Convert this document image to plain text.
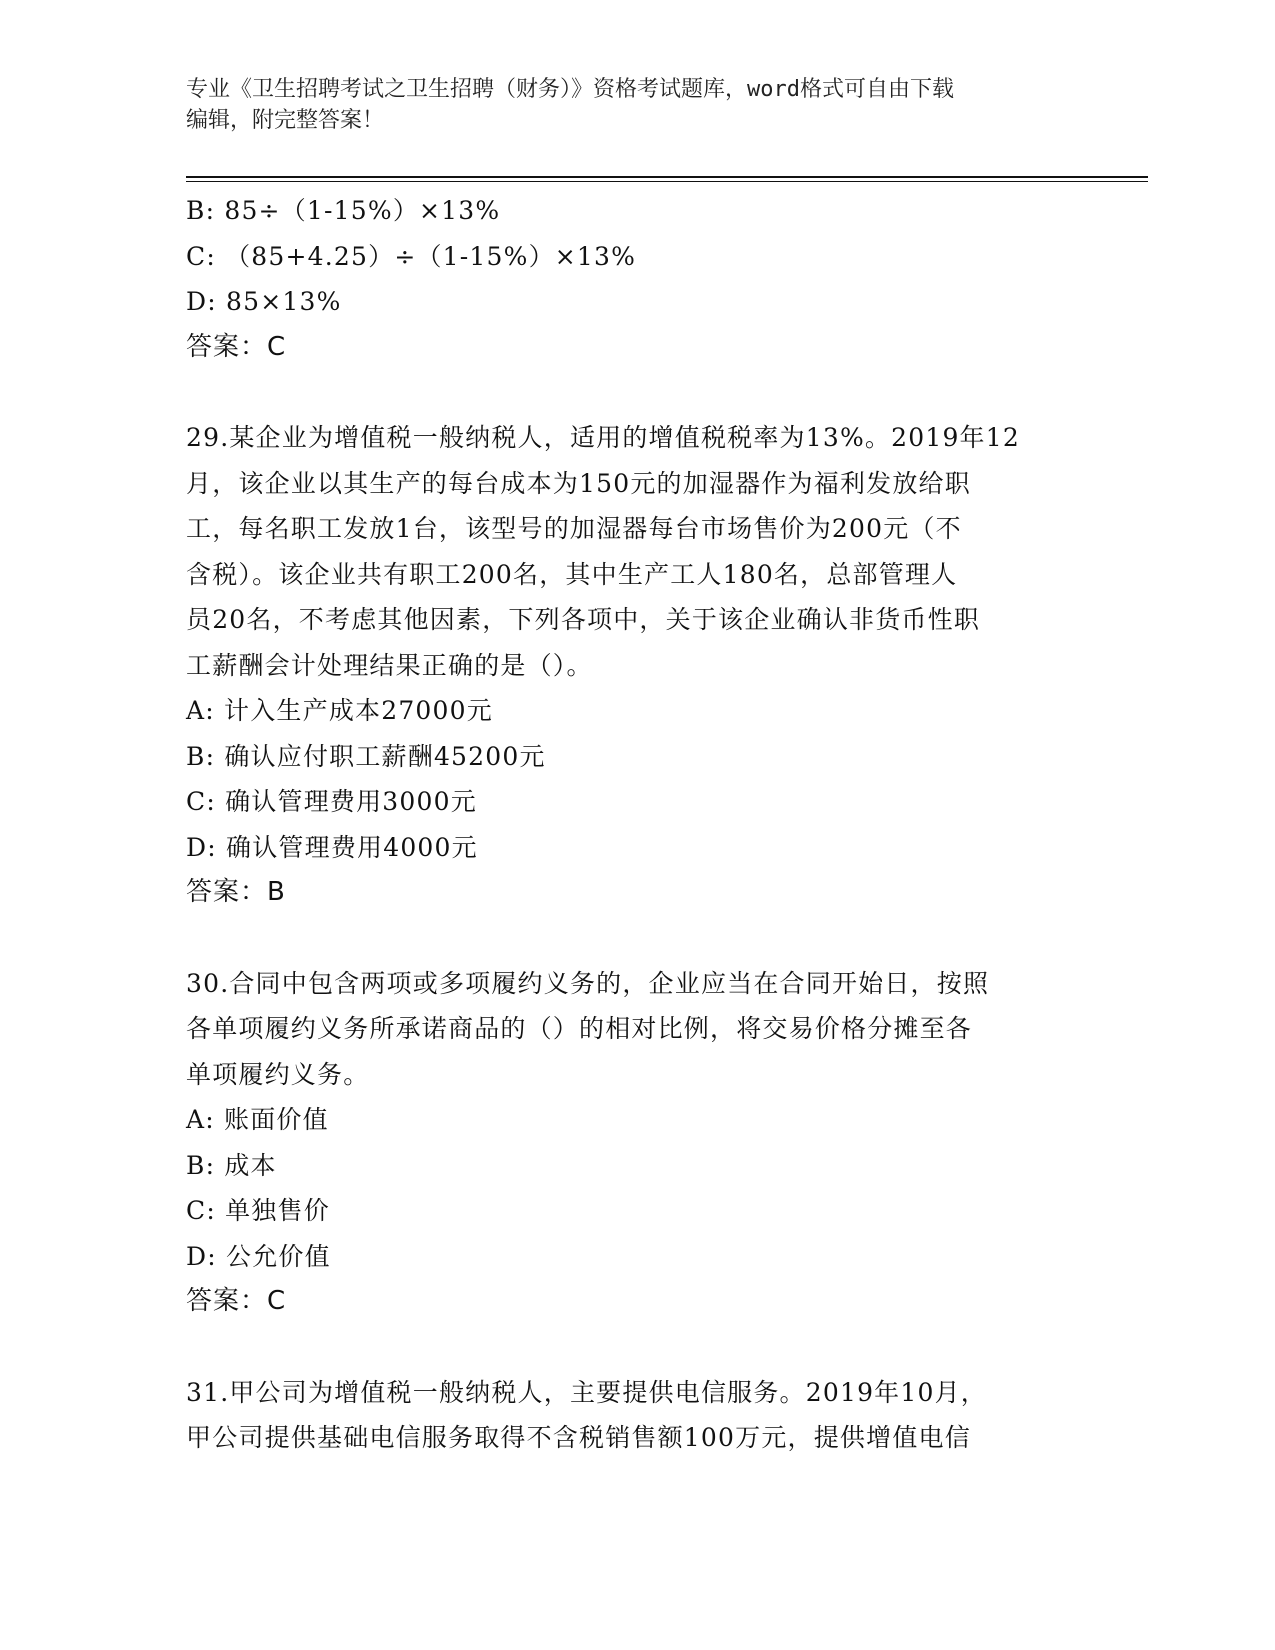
专业《卫生招聘考试之卫生招聘（财务）》资格考试题库，word格式可自由下载
编辑，附完整答案！
B: 85÷（1-15%）×13%
C: （85+4.25）÷（1-15%）×13%
D: 85×13%
答案：C
29.某企业为增值税一般纳税人，适用的增值税税率为13%。2019年12
月，该企业以其生产的每台成本为150元的加湿器作为福利发放给职
工，每名职工发放1台，该型号的加湿器每台市场售价为200元（不
含税）。该企业共有职工200名，其中生产工人180名，总部管理人
员20名，不考虑其他因素，下列各项中，关于该企业确认非货币性职
工薪酬会计处理结果正确的是（）。
A: 计入生产成本27000元
B: 确认应付职工薪酬45200元
C: 确认管理费用3000元
D: 确认管理费用4000元
答案：B
30.合同中包含两项或多项履约义务的，企业应当在合同开始日，按照
各单项履约义务所承诺商品的（）的相对比例，将交易价格分摊至各
单项履约义务。
A: 账面价值
B: 成本
C: 单独售价
D: 公允价值
答案：C
31.甲公司为增值税一般纳税人，主要提供电信服务。2019年10月，
甲公司提供基础电信服务取得不含税销售额100万元，提供增值电信
